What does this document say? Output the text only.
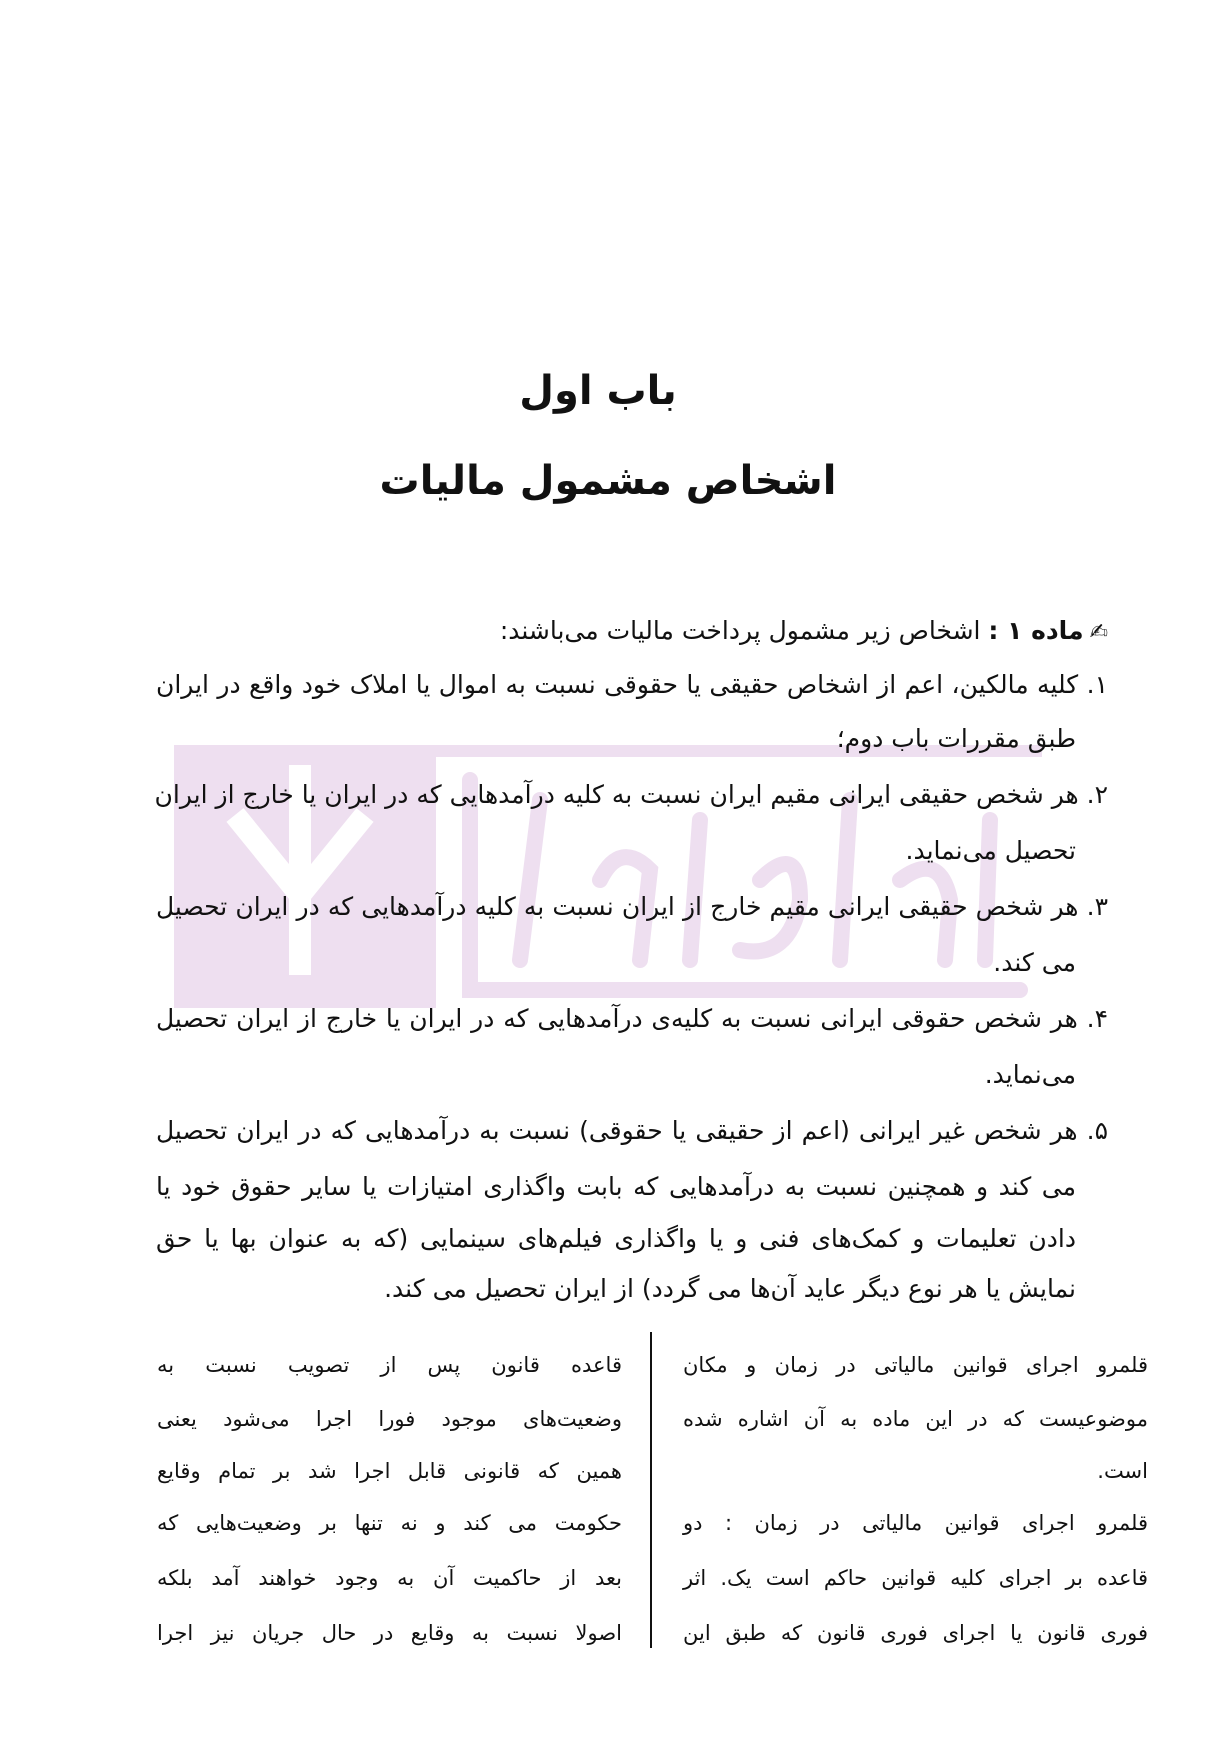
باب اول
اشخاص مشمول مالیات
✍ماده ۱ : اشخاص زیر مشمول پرداخت مالیات می‌باشند:
۱. کلیه مالکین، اعم از اشخاص حقیقی یا حقوقی نسبت به اموال یا املاک خود واقع در ایران
طبق مقررات باب دوم؛
۲. هر شخص حقیقی ایرانی مقیم ایران نسبت به کلیه درآمدهایی که در ایران یا خارج از ایران
تحصیل می‌نماید.
۳. هر شخص حقیقی ایرانی مقیم خارج از ایران نسبت به کلیه درآمدهایی که در ایران تحصیل
می کند.
۴. هر شخص حقوقی ایرانی نسبت به کلیه‌ی درآمدهایی که در ایران یا خارج از ایران تحصیل
می‌نماید.
۵. هر شخص غیر ایرانی (اعم از حقیقی یا حقوقی) نسبت به درآمدهایی که در ایران تحصیل
می کند و همچنین نسبت به درآمدهایی که بابت واگذاری امتیازات یا سایر حقوق خود یا
دادن تعلیمات و کمک‌های فنی و یا واگذاری فیلم‌های سینمایی (که به عنوان بها یا حق
نمایش یا هر نوع دیگر عاید آن‌ها می گردد) از ایران تحصیل می کند.
قلمرو اجرای قوانین مالیاتی در زمان و مکان
موضوعیست که در این ماده به آن اشاره شده
است.
قلمرو اجرای قوانین مالیاتی در زمان : دو
قاعده بر اجرای کلیه قوانین حاکم است یک. اثر
فوری قانون یا اجرای فوری قانون که طبق این
قاعده قانون پس از تصویب نسبت به
وضعیت‌های موجود فورا اجرا می‌شود یعنی
همین که قانونی قابل اجرا شد بر تمام وقایع
حکومت می کند و نه تنها بر وضعیت‌هایی که
بعد از حاکمیت آن به وجود خواهند آمد بلکه
اصولا نسبت به وقایع در حال جریان نیز اجرا
